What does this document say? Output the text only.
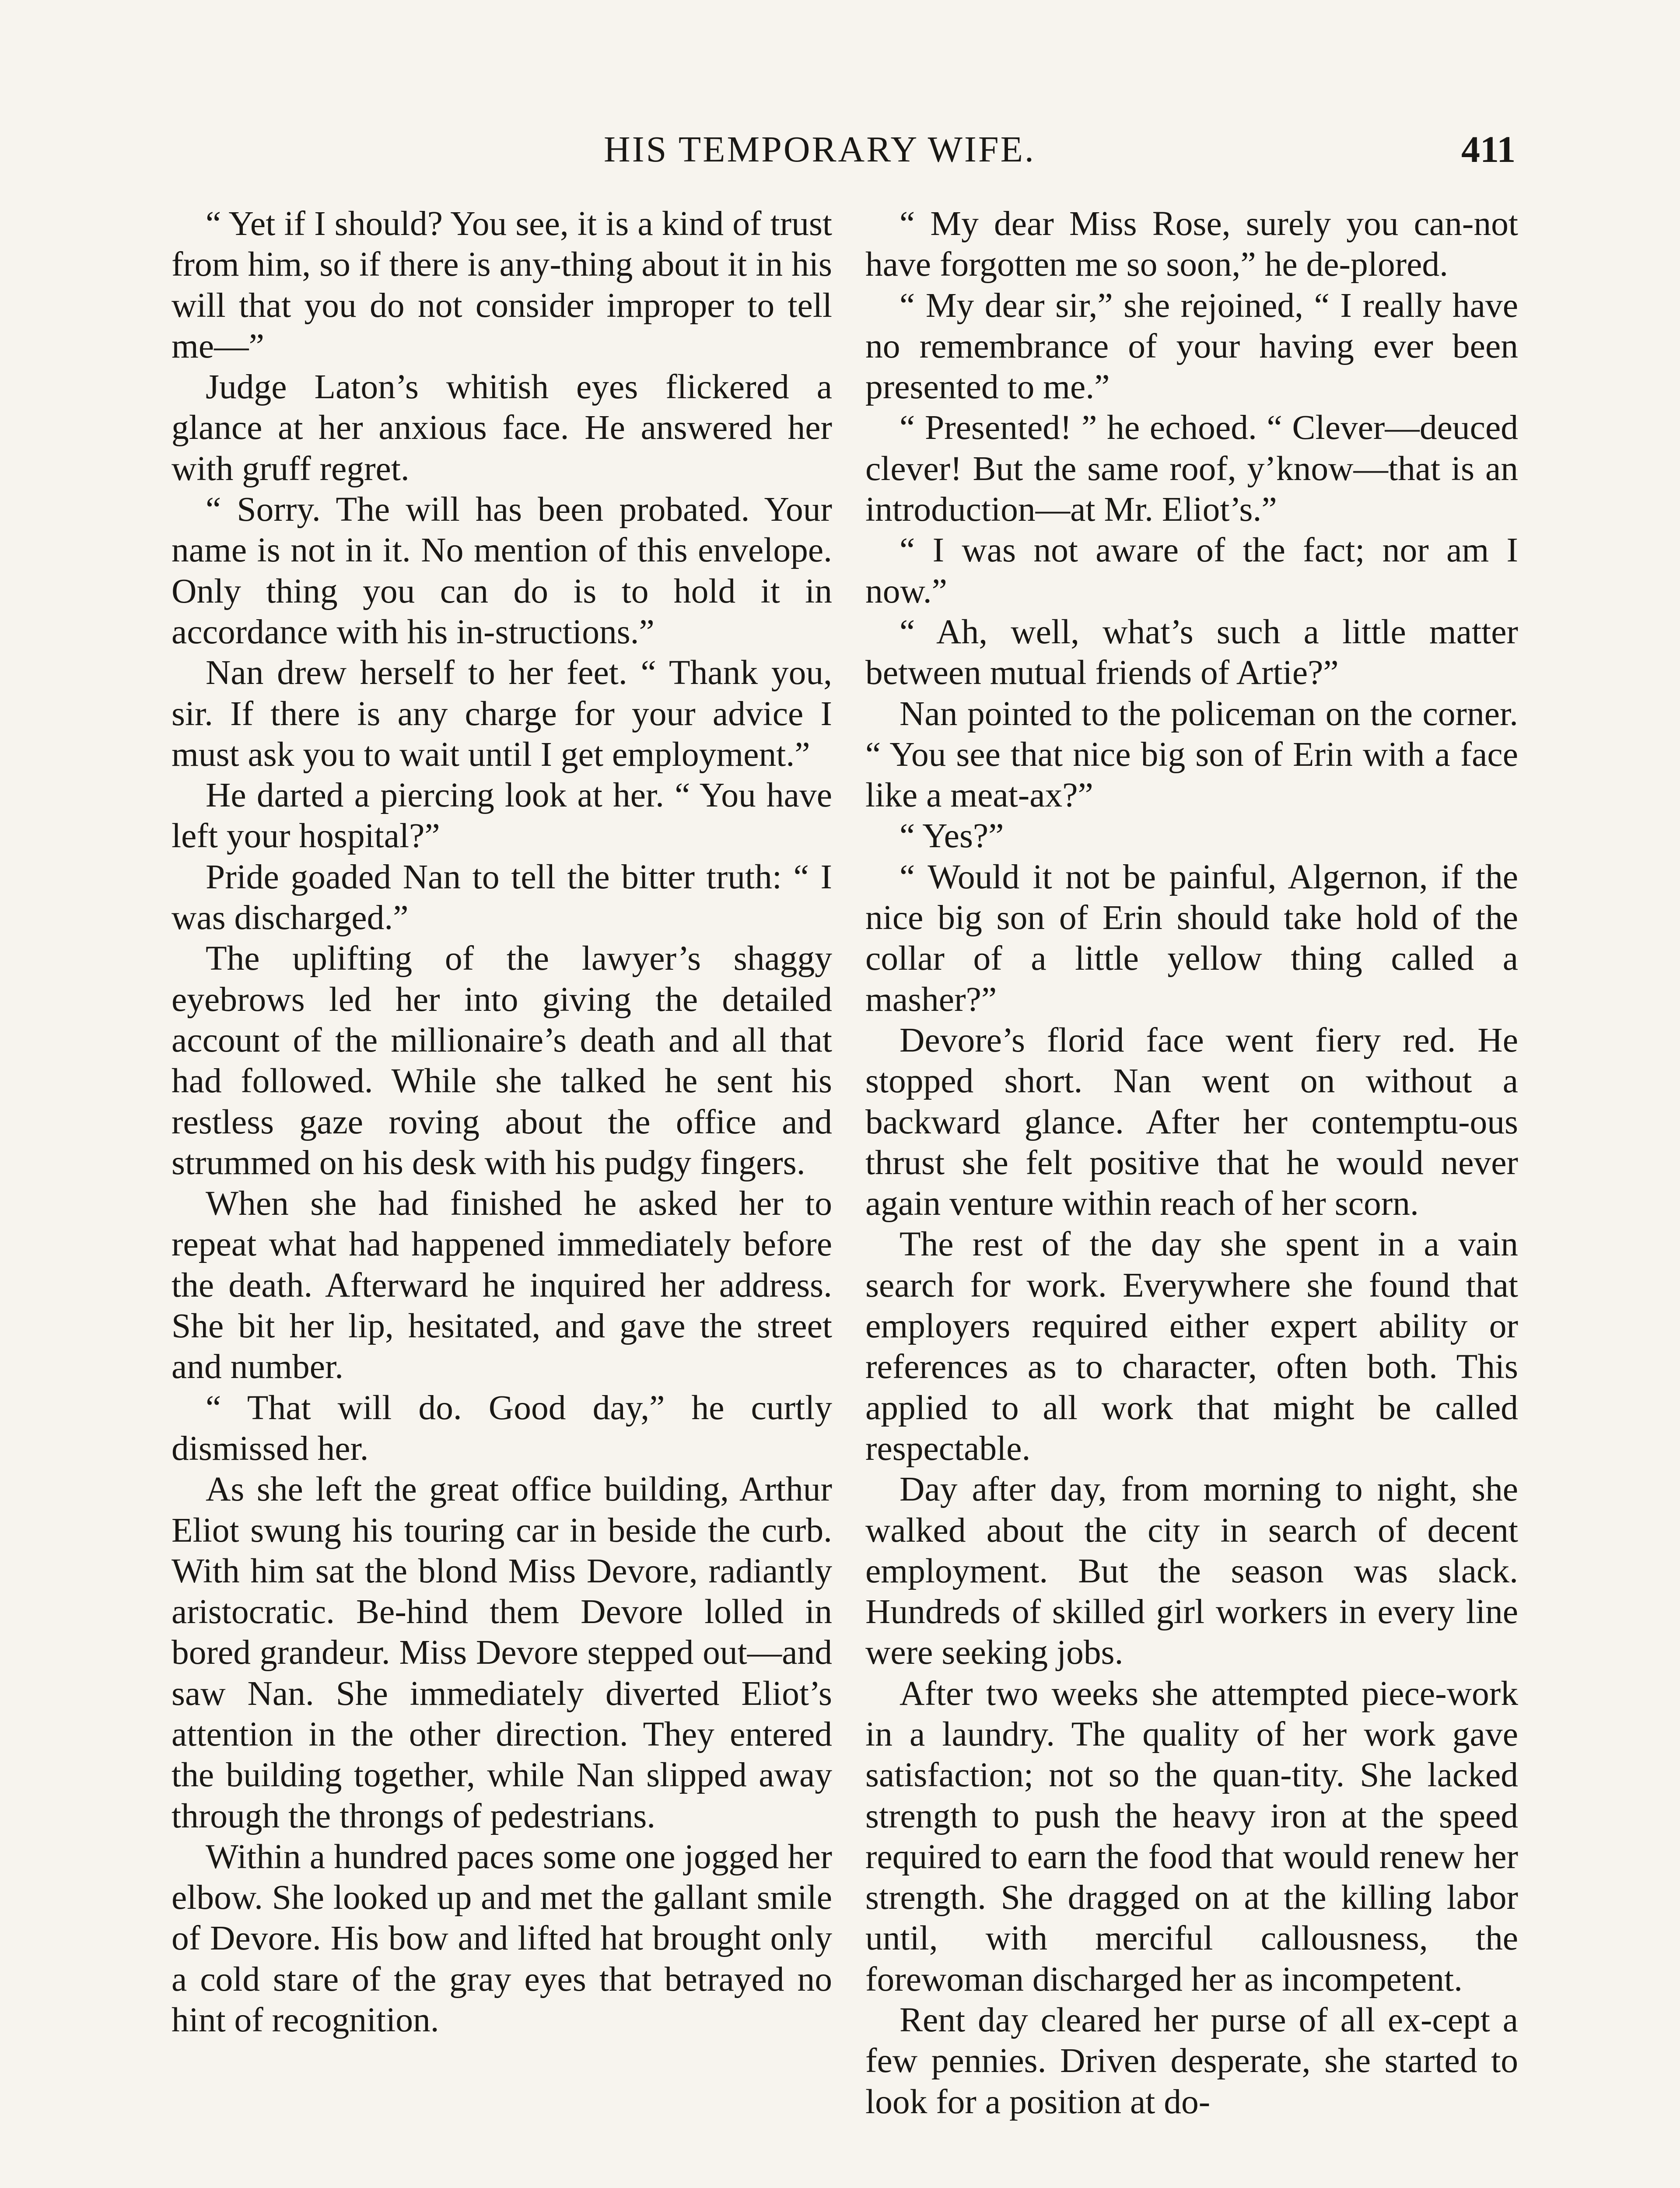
HIS TEMPORARY WIFE.	411

“ Yet if I should? You see, it is a kind of trust from him, so if there is any-thing about it in his will that you do not consider improper to tell me—”

Judge Laton’s whitish eyes flickered a glance at her anxious face. He answered her with gruff regret.

“ Sorry. The will has been probated. Your name is not in it. No mention of this envelope. Only thing you can do is to hold it in accordance with his in-structions.”

Nan drew herself to her feet. “ Thank you, sir. If there is any charge for your advice I must ask you to wait until I get employment.”

He darted a piercing look at her. “ You have left your hospital?”

Pride goaded Nan to tell the bitter truth: “ I was discharged.”

The uplifting of the lawyer’s shaggy eyebrows led her into giving the detailed account of the millionaire’s death and all that had followed. While she talked he sent his restless gaze roving about the office and strummed on his desk with his pudgy fingers.

When she had finished he asked her to repeat what had happened immediately before the death. Afterward he inquired her address. She bit her lip, hesitated, and gave the street and number.

“ That will do. Good day,” he curtly dismissed her.

As she left the great office building, Arthur Eliot swung his touring car in beside the curb. With him sat the blond Miss Devore, radiantly aristocratic. Be-hind them Devore lolled in bored grandeur. Miss Devore stepped out—and saw Nan. She immediately diverted Eliot’s attention in the other direction. They entered the building together, while Nan slipped away through the throngs of pedestrians.

Within a hundred paces some one jogged her elbow. She looked up and met the gallant smile of Devore. His bow and lifted hat brought only a cold stare of the gray eyes that betrayed no hint of recognition.

“ My dear Miss Rose, surely you can-not have forgotten me so soon,” he de-plored.

“ My dear sir,” she rejoined, “ I really have no remembrance of your having ever been presented to me.”

“ Presented! ” he echoed. “ Clever—deuced clever! But the same roof, y’know—that is an introduction—at Mr. Eliot’s.”

“ I was not aware of the fact; nor am I now.”

“ Ah, well, what’s such a little matter between mutual friends of Artie?”

Nan pointed to the policeman on the corner. “ You see that nice big son of Erin with a face like a meat-ax?”

“ Yes?”

“ Would it not be painful, Algernon, if the nice big son of Erin should take hold of the collar of a little yellow thing called a masher?”

Devore’s florid face went fiery red. He stopped short. Nan went on without a backward glance. After her contemptu-ous thrust she felt positive that he would never again venture within reach of her scorn.

The rest of the day she spent in a vain search for work. Everywhere she found that employers required either expert ability or references as to character, often both. This applied to all work that might be called respectable.

Day after day, from morning to night, she walked about the city in search of decent employment. But the season was slack. Hundreds of skilled girl workers in every line were seeking jobs.

After two weeks she attempted piece-work in a laundry. The quality of her work gave satisfaction; not so the quan-tity. She lacked strength to push the heavy iron at the speed required to earn the food that would renew her strength. She dragged on at the killing labor until, with merciful callousness, the forewoman discharged her as incompetent.

Rent day cleared her purse of all ex-cept a few pennies. Driven desperate, she started to look for a position at do-
